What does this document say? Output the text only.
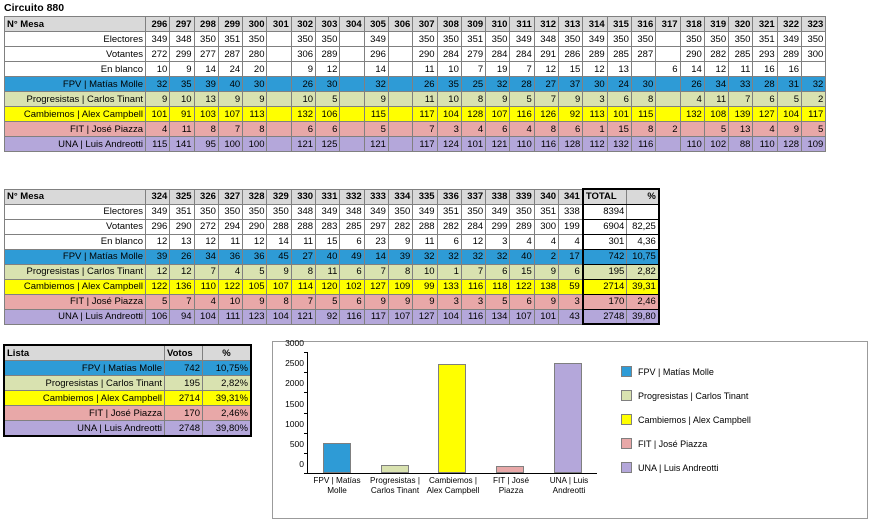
Circuito 880
N° Mesa	296	297	298	299	300	301	302	303	304	305	306	307	308	309	310	311	312	313	314	315	316	317	318	319	320	321	322	323
Electores	349	348	350	351	350		350	350		349		350	350	351	350	349	348	350	349	350	350		350	350	350	351	349	350
Votantes	272	299	277	287	280		306	289		296		290	284	279	284	284	291	286	289	285	287		290	282	285	293	289	300
En blanco	10	9	14	24	20		9	12		14		11	10	7	19	7	12	15	12	13		6	14	12	11	16	16	
FPV | Matías Molle	32	35	39	40	30		26	30		32		26	35	25	32	28	27	37	30	24	30		26	34	33	28	31	32
Progresistas | Carlos Tinant	9	10	13	9	9		10	5		9		11	10	8	9	5	7	9	3	6	8		4	11	7	6	5	2
Cambiemos | Alex Campbell	101	91	103	107	113		132	106		115		117	104	128	107	116	126	92	113	101	115		132	108	139	127	104	117
FIT | José Piazza	4	11	8	7	8		6	6		5		7	3	4	6	4	8	6	1	15	8	2		5	13	4	9	5
UNA | Luis Andreotti	115	141	95	100	100		121	125		121		117	124	101	121	110	116	128	112	132	116		110	102	88	110	128	109
N° Mesa	324	325	326	327	328	329	330	331	332	333	334	335	336	337	338	339	340	341	TOTAL	%
Electores	349	351	350	350	350	350	348	349	348	349	350	349	351	350	349	350	351	338	8394	
Votantes	296	290	272	294	290	288	288	283	285	297	282	288	282	284	299	289	300	199	6904	82,25
En blanco	12	13	12	11	12	14	11	15	6	23	9	11	6	12	3	4	4	4	301	4,36
FPV | Matías Molle	39	26	34	36	36	45	27	40	49	14	39	32	32	32	32	40	2	17	742	10,75
Progresistas | Carlos Tinant	12	12	7	4	5	9	8	11	6	7	8	10	1	7	6	15	9	6	195	2,82
Cambiemos | Alex Campbell	122	136	110	122	105	107	114	120	102	127	109	99	133	116	118	122	138	59	2714	39,31
FIT | José Piazza	5	7	4	10	9	8	7	5	6	9	9	9	3	3	5	6	9	3	170	2,46
UNA | Luis Andreotti	106	94	104	111	123	104	121	92	116	117	107	127	104	116	134	107	101	43	2748	39,80
Lista	Votos	%
FPV | Matías Molle	742	10,75%
Progresistas | Carlos Tinant	195	2,82%
Cambiemos | Alex Campbell	2714	39,31%
FIT | José Piazza	170	2,46%
UNA | Luis Andreotti	2748	39,80%
0
500
1000
1500
2000
2500
3000
FPV | Matías Molle
Progresistas | Carlos Tinant
Cambiemos | Alex Campbell
FIT | José Piazza
UNA | Luis Andreotti
FPV | Matías Molle
Progresistas | Carlos Tinant
Cambiemos | Alex Campbell
FIT | José Piazza
UNA | Luis Andreotti
